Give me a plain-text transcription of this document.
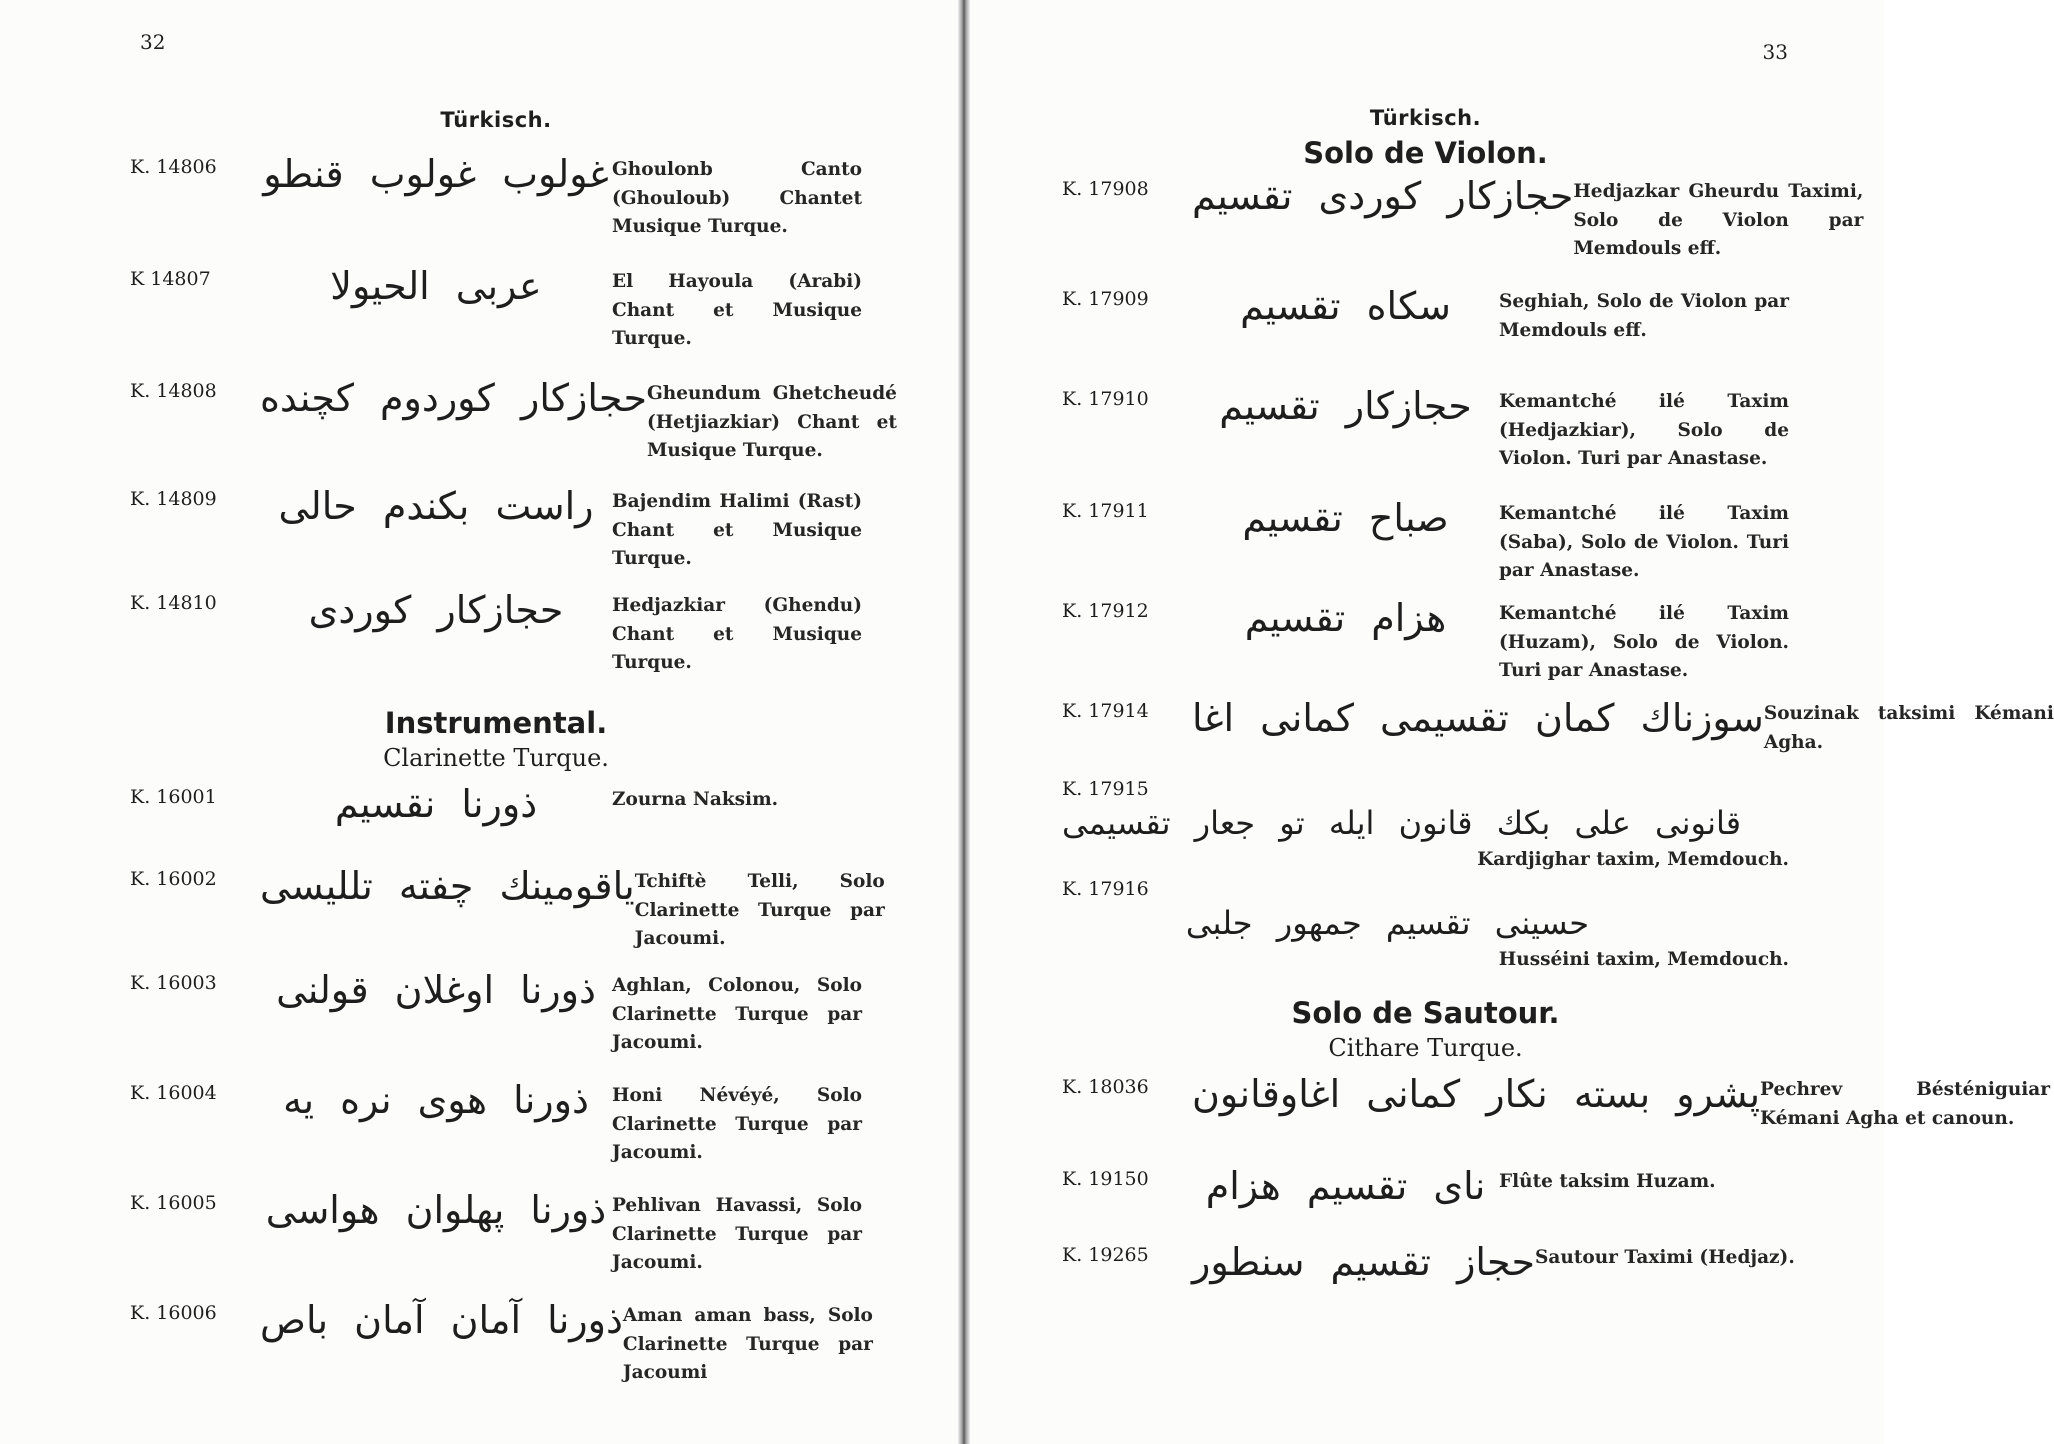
32
Türkisch.
K. 14806	غولوب غولوب قنطو Ghoulonb Canto (Ghouloub) Chantet Musique Turque.
K 14807	عربى الحيولا	El Hayoula (Arabi) Chant et Musique Turque.
K. 14808	حجازكار كوردوم كچنده Gheundum Ghetcheudé (Hetjiazkiar) Chant et Musique Turque.
K. 14809	راست بكندم حالى Bajendim Halimi (Rast) Chant et Musique Turque.
K. 14810	حجازكار كوردى	Hedjazkiar (Ghendu) Chant et Musique Turque.
Instrumental.
Clarinette Turque.
K. 16001	ذورنا نقسيم	Zourna Naksim.
K. 16002	ياقومينك چفته تلليسى Tchiftè Telli, Solo Clarinette Turque par Jacoumi.
K. 16003	ذورنا اوغلان قولنى Aghlan, Colonou, Solo Clarinette Turque par Jacoumi.
K. 16004	ذورنا هوى نره يه	Honi Névéyé, Solo Clarinette Turque par Jacoumi.
K. 16005	ذورنا پهلوان هواسى Pehlivan Havassi, Solo Clarinette Turque par Jacoumi.
K. 16006	ذورنا آمان آمان باص Aman aman bass, Solo Clarinette Turque par Jacoumi
33
Türkisch.
Solo de Violon.
K. 17908	حجازكار كوردى تقسيم Hedjazkar Gheurdu Taximi, Solo de Violon par Memdouls eff.
K. 17909	سكاه تقسيم	Seghiah, Solo de Violon par Memdouls eff.
K. 17910	حجازكار تقسيم	Kemantché ilé Taxim (Hedjazkiar), Solo de Violon. Turi par Anastase.
K. 17911	صباح تقسيم	Kemantché ilé Taxim (Saba), Solo de Violon. Turi par Anastase.
K. 17912	هزام تقسيم	Kemantché ilé Taxim (Huzam), Solo de Violon. Turi par Anastase.
K. 17914	سوزناك كمان تقسيمى كمانى اغا Souzinak taksimi Kémani Agha.
K. 17915
قانونى على بكك قانون ايله تو جعار تقسيمى
Kardjighar taxim, Memdouch.
K. 17916
حسينى تقسيم جمهور جلبى
Husséini taxim, Memdouch.
Solo de Sautour.
Cithare Turque.
K. 18036	پشرو بسته نكار كمانى اغاوقانون Pechrev Bésténiguiar Kémani Agha et canoun.
K. 19150	ناى تقسيم هزام Flûte taksim Huzam.
K. 19265	حجاز تقسيم سنطور Sautour Taximi (Hedjaz).
